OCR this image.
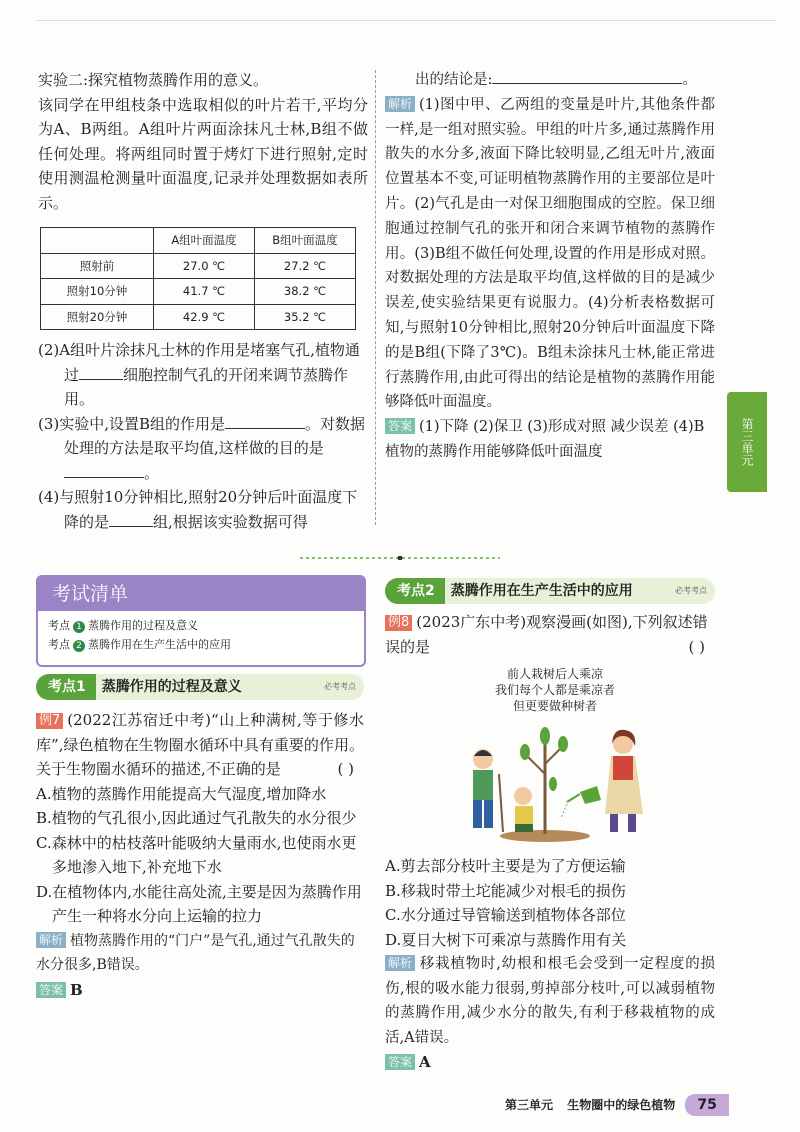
实验二:探究植物蒸腾作用的意义。

该同学在甲组枝条中选取相似的叶片若干,平均分为A、B两组。A组叶片两面涂抹凡士林,B组不做任何处理。将两组同时置于烤灯下进行照射,定时使用测温枪测量叶面温度,记录并处理数据如表所示。

	A组叶面温度	B组叶面温度
照射前	27.0 ℃	27.2 ℃
照射10分钟	41.7 ℃	38.2 ℃
照射20分钟	42.9 ℃	35.2 ℃

(2)A组叶片涂抹凡士林的作用是堵塞气孔,植物通过	细胞控制气孔的开闭来调节蒸腾作用。

(3)实验中,设置B组的作用是	。对数据处理的方法是取平均值,这样做的目的是。

(4)与照射10分钟相比,照射20分钟后叶面温度下降的是	组,根据该实验数据可得

出的结论是:	。

解析 (1)图中甲、乙两组的变量是叶片,其他条件都一样,是一组对照实验。甲组的叶片多,通过蒸腾作用散失的水分多,液面下降比较明显,乙组无叶片,液面位置基本不变,可证明植物蒸腾作用的主要部位是叶片。(2)气孔是由一对保卫细胞围成的空腔。保卫细胞通过控制气孔的张开和闭合来调节植物的蒸腾作用。(3)B组不做任何处理,设置的作用是形成对照。对数据处理的方法是取平均值,这样做的目的是减少误差,使实验结果更有说服力。(4)分析表格数据可知,与照射10分钟相比,照射20分钟后叶面温度下降的是B组(下降了3℃)。B组未涂抹凡士林,能正常进行蒸腾作用,由此可得出的结论是植物的蒸腾作用能够降低叶面温度。

答案 (1)下降 (2)保卫 (3)形成对照 减少误差 (4)B 植物的蒸腾作用能够降低叶面温度	第三单元
考试清单
考点 1 蒸腾作用的过程及意义
考点 2 蒸腾作用在生产生活中的应用
考点1 蒸腾作用的过程及意义	必考考点

例7 (2022江苏宿迁中考)“山上种满树,等于修水库”,绿色植物在生物圈水循环中具有重要的作用。关于生物圈水循环的描述,不正确的是	( )

A.植物的蒸腾作用能提高大气湿度,增加降水

B.植物的气孔很小,因此通过气孔散失的水分很少

C.森林中的枯枝落叶能吸纳大量雨水,也使雨水更多地渗入地下,补充地下水

D.在植物体内,水能往高处流,主要是因为蒸腾作用产生一种将水分向上运输的拉力

解析 植物蒸腾作用的“门户”是气孔,通过气孔散失的水分很多,B错误。

答案 B

考点2 蒸腾作用在生产生活中的应用	必考考点

例8 (2023广东中考)观察漫画(如图),下列叙述错误的是	( )

前人栽树后人乘凉
我们每个人都是乘凉者
但更要做种树者

A.剪去部分枝叶主要是为了方便运输

B.移栽时带土坨能减少对根毛的损伤

C.水分通过导管输送到植物体各部位

D.夏日大树下可乘凉与蒸腾作用有关

解析 移栽植物时,幼根和根毛会受到一定程度的损伤,根的吸水能力很弱,剪掉部分枝叶,可以减弱植物的蒸腾作用,减少水分的散失,有利于移栽植物的成活,A错误。

答案 A

第三单元 生物圈中的绿色植物 75
